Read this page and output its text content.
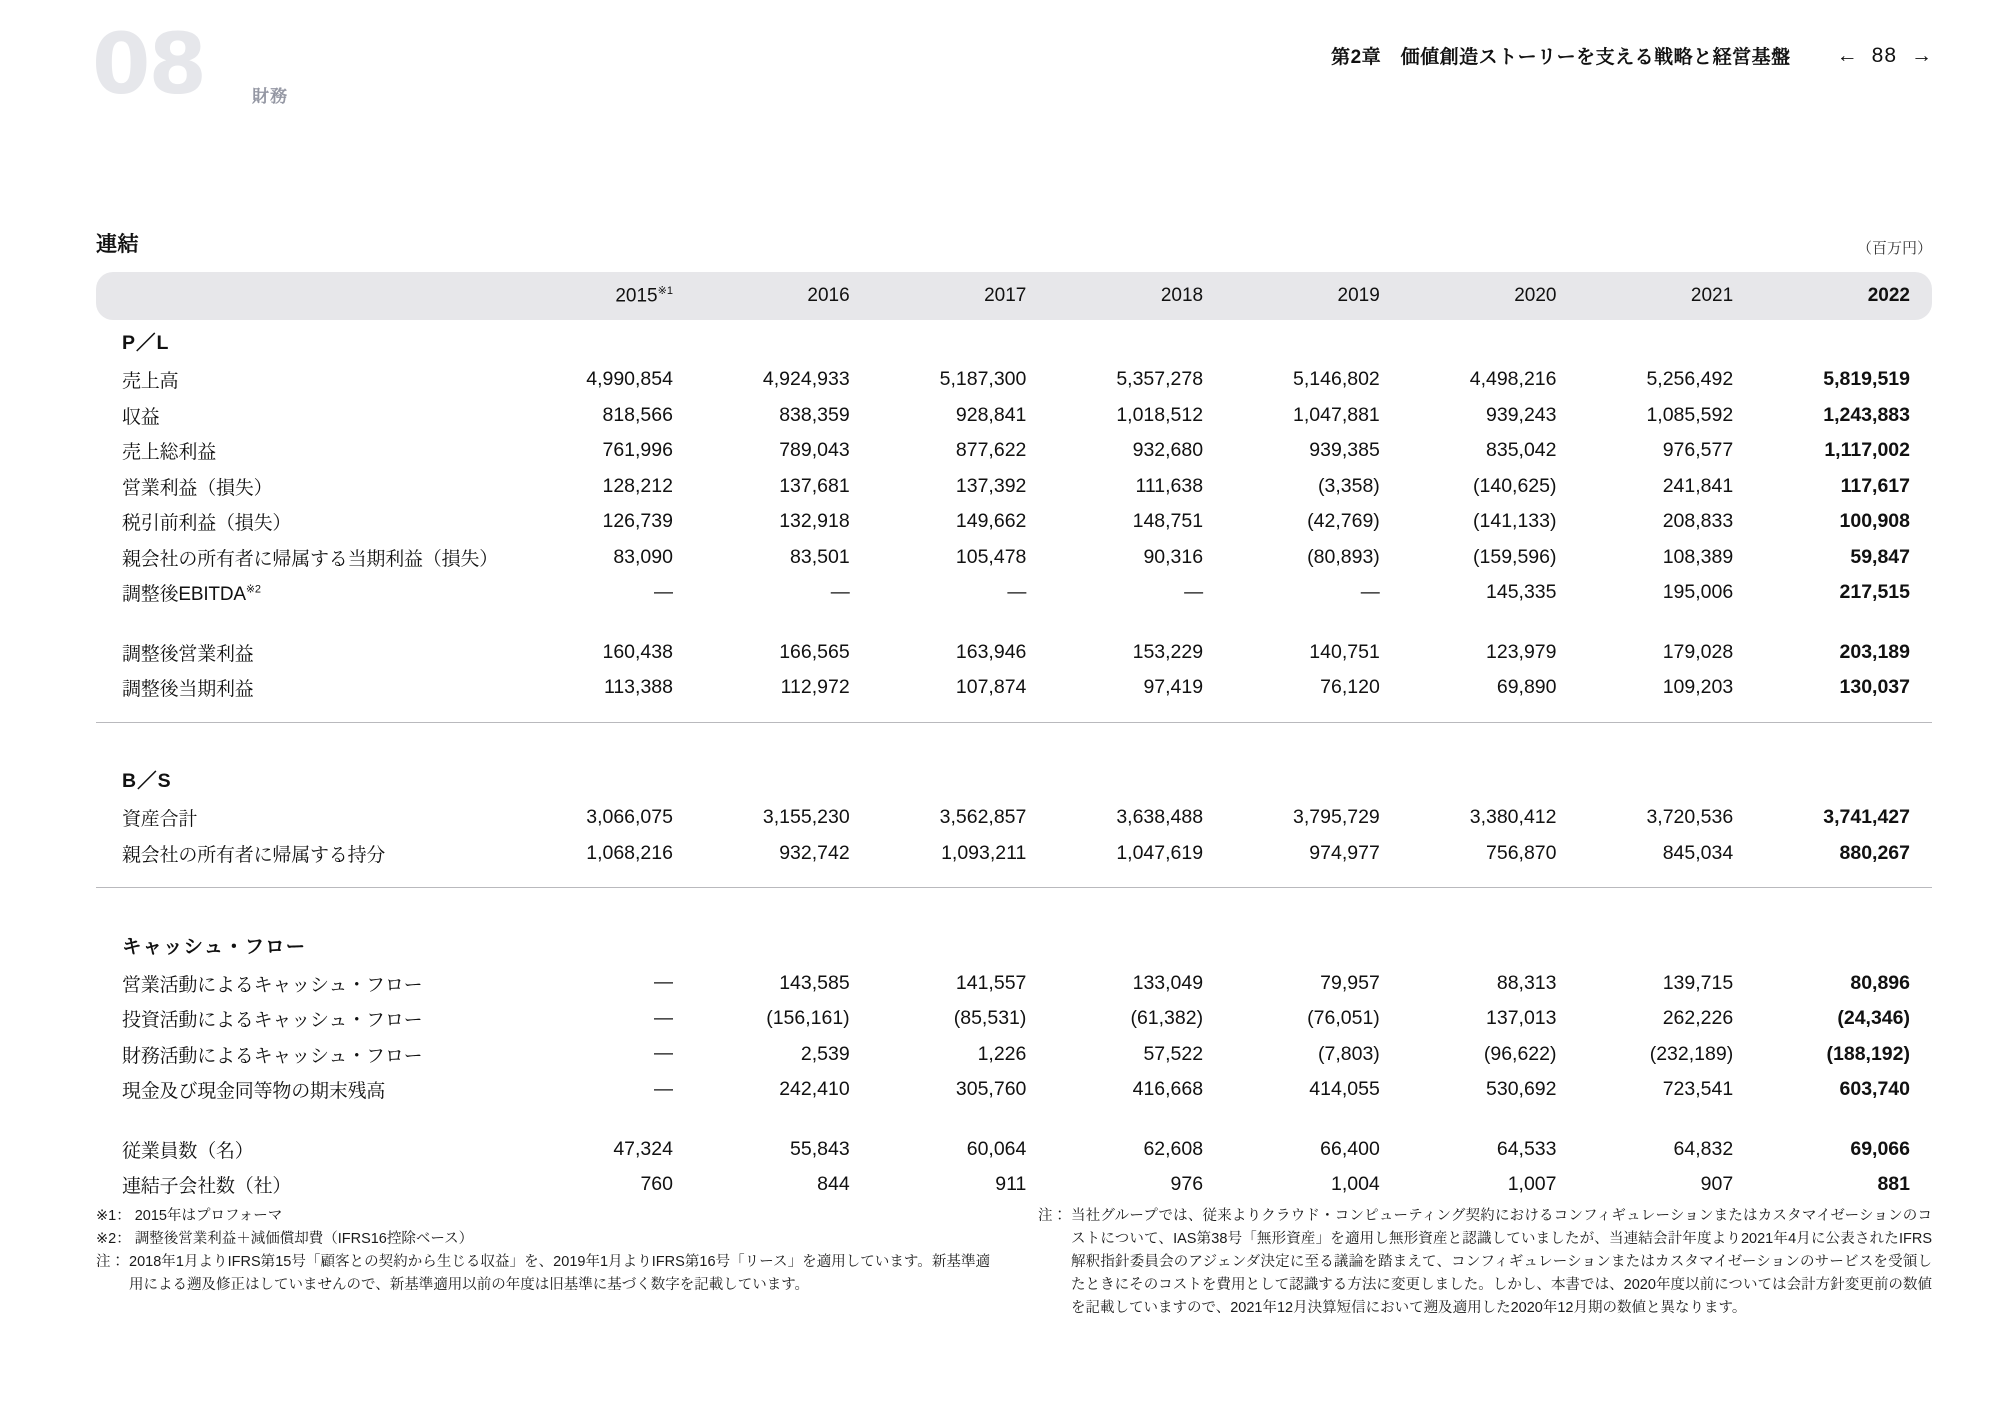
08	財務
第2章　価値創造ストーリーを支える戦略と経営基盤 ← 88 →
連結	（百万円）
	2015$^{※1}$	2016	2017	2018	2019	2020	2021	2022
P／L								
売上高	4,990,854	4,924,933	5,187,300	5,357,278	5,146,802	4,498,216	5,256,492	5,819,519
収益	818,566	838,359	928,841	1,018,512	1,047,881	939,243	1,085,592	1,243,883
売上総利益	761,996	789,043	877,622	932,680	939,385	835,042	976,577	1,117,002
営業利益（損失）	128,212	137,681	137,392	111,638	(3,358)	(140,625)	241,841	117,617
税引前利益（損失）	126,739	132,918	149,662	148,751	(42,769)	(141,133)	208,833	100,908
親会社の所有者に帰属する当期利益（損失）	83,090	83,501	105,478	90,316	(80,893)	(159,596)	108,389	59,847
調整後EBITDA$^{※2}$	—	—	—	—	—	145,335	195,006	217,515

調整後営業利益	160,438	166,565	163,946	153,229	140,751	123,979	179,028	203,189
調整後当期利益	113,388	112,972	107,874	97,419	76,120	69,890	109,203	130,037

B／S								
資産合計	3,066,075	3,155,230	3,562,857	3,638,488	3,795,729	3,380,412	3,720,536	3,741,427
親会社の所有者に帰属する持分	1,068,216	932,742	1,093,211	1,047,619	974,977	756,870	845,034	880,267

キャッシュ・フロー								
営業活動によるキャッシュ・フロー	—	143,585	141,557	133,049	79,957	88,313	139,715	80,896
投資活動によるキャッシュ・フロー	—	(156,161)	(85,531)	(61,382)	(76,051)	137,013	262,226	(24,346)
財務活動によるキャッシュ・フロー	—	2,539	1,226	57,522	(7,803)	(96,622)	(232,189)	(188,192)
現金及び現金同等物の期末残高	—	242,410	305,760	416,668	414,055	530,692	723,541	603,740

従業員数（名）	47,324	55,843	60,064	62,608	66,400	64,533	64,832	69,066
連結子会社数（社）	760	844	911	976	1,004	1,007	907	881
※1： 2015年はプロフォーマ
※2： 調整後営業利益＋減価償却費（IFRS16控除ベース）
注： 2018年1月よりIFRS第15号「顧客との契約から生じる収益」を、2019年1月よりIFRS第16号「リース」を適用しています。新基準適用による遡及修正はしていませんので、新基準適用以前の年度は旧基準に基づく数字を記載しています。
注： 当社グループでは、従来よりクラウド・コンピューティング契約におけるコンフィギュレーションまたはカスタマイゼーションのコストについて、IAS第38号「無形資産」を適用し無形資産と認識していましたが、当連結会計年度より2021年4月に公表されたIFRS解釈指針委員会のアジェンダ決定に至る議論を踏まえて、コンフィギュレーションまたはカスタマイゼーションのサービスを受領したときにそのコストを費用として認識する方法に変更しました。しかし、本書では、2020年度以前については会計方針変更前の数値を記載していますので、2021年12月決算短信において遡及適用した2020年12月期の数値と異なります。
